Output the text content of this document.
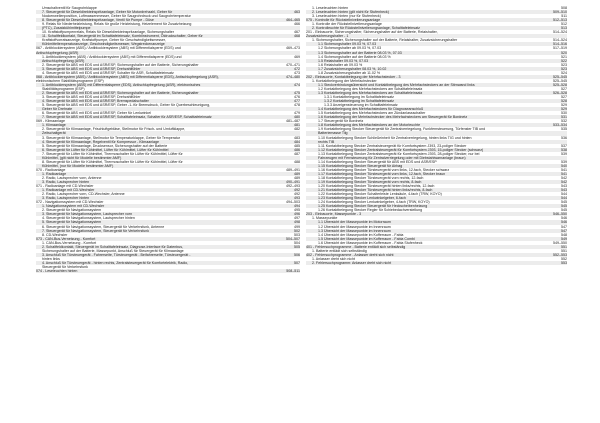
Umschaltventil für Saugrohrklappe
7. Steuergerät für Dieseldirekteinspritzanlage, Geber für Motordrehzahl, Geber für	463
Nockenwellenposition, Luftmassenmesser, Geber für Saugrohrdruck und Saugrohrtemperatur
8. Steuergerät für Dieseldirekteinspritzanlage, Ventil für Pumpe - Düse	464–465
9. Relais für Niederheizleistung, Relais für große Heizleistung, Heizelement für Zusatzheizung	466
(PTC), Zusatzkühlmittelpumpe
10. Kraftstoffpumpenrelais, Relais für Dieseldirekteinspritzanlage, Sicherungshalter	467
11. Schaltfeldkontakt, Steuergerät im Schalttafeleinsatz, Kombiinstrument, Öldruckschalter, Geber für	468
Kraftstoffvorratsanzeige, Kraftstoffpumpe, Geber für Geschwindigkeitsmesser,
Kühlmitteltemperaturanzeige, Geschwindigkeitsmesser, Wegstreckenanzeige
067 - Antiblockiersystem (ABS) / Antiblockiersystem (ABS) mit Differentialsperre (EDS) und	469–473
Antischlupfregelung (ASR)
1. Antiblockiersystem (ABS) / Antiblockiersystem (ABS) mit Differentialsperre (EDS) und	469
Antischlupfregelung (ASR)
2. Steuergerät für ABS mit EDS und ASR/ESP, Sicherungshalter auf der Batterie, Sicherungshalter	470–471
3. Steuergerät für ABS mit EDS und ASR/ESP, Drehzahlfühler	472
4. Steuergerät für ABS mit EDS und ASR/ESP, Schalter für ASR, Schalttafeleinsatz	473
068 - Antiblockiersystem (ABS) / Antiblockiersystem (ABS) mit Differentialsperre (EDS), Antischlupfregelung (ASR),	474–480
elektronischem Stabilitätsprogramm (ESP)
1. Antiblockiersystem (ABS) mit Differentialsperre (EDS), Antischlupfregelung (ASR), elektronisches	474
Stabilitätsprogramm (ESP)
2. Steuergerät für ABS mit EDS und ASR/ESP, Sicherungshalter auf der Batterie, Sicherungshalter	475
3. Steuergerät für ABS mit EDS und ASR/ESP, Drehzahlfühler	476
4. Steuergerät für ABS mit EDS und ASR/ESP, Bremspedalschalter	477
5. Steuergerät für ABS mit EDS und ASR/ESP, Geber -1- für Bremsdruck, Geber für Querbeschleunigung,	478
Geber für Drehrate
6. Steuergerät für ABS mit EDS und ASR/ESP, Geber für Lenkwinkel	479
7. Steuergerät für ABS mit EDS und ASR/ESP, Schalttafeleinsatz, Schalter für ASR/ESP, Schalttafeleinsatz	480
069 - Klimaanlage	481–487
1. Klimaanlage	481
2. Steuergerät für Klimaanlage, Frischluftgebläse, Stellmotor für Frisch- und Umluftklappe,	482
Zeitschaltgerät
3. Steuergerät für Klimaanlage, Stellmotor für Temperaturklappe, Geber für Temperatur	483
4. Steuergerät für Klimaanlage, Regelventil für Kompressor - Klimaanlage	484
5. Steuergerät für Klimaanlage, Drucksensor, Sicherungshalter auf der Batterie	485
6. Steuergerät für Lüfter für Kühlmittel, Lüfter für Kühlmittel, Lüfter für Kühlmittel	486
7. Steuergerät für Lüfter für Kühlmittel, Thermoschalter für Lüfter für Kühlmittel, Lüfter für	487
Kühlmittel, (gilt nicht für Modelle bestimmter AMF)
8. Steuergerät für Lüfter für Kühlmittel, Thermoschalter für Lüfter für Kühlmittel, Lüfter für	488
Kühlmittel, (nur für Modelle bestimmter AMF)
070 - Radioanlage	489–491
1. Radioanlage	489
2. Radio, Lautsprecher vorn, Antenne	489
3. Radio, Lautsprecher hinten	490–491
071 - Radioanlage mit CD-Wechsler	492–493
1. Radioanlage mit CD-Wechsler	492
2. Radio, Lautsprecher vorn, CD-Wechsler, Antenne	492
3. Radio, Lautsprecher hinten	493
072 - Navigationssystem mit CD-Wechsler	494–503
1. Navigationssystem mit CD-Wechsler	494
2. Steuergerät für Navigationssystem	495
3. Steuergerät für Navigationssystem, Lautsprecher vorn	496
4. Steuergerät für Navigationssystem, Lautsprecher hinten	497
5. Steuergerät für Navigationssystem	498
6. Steuergerät für Navigationssystem, Steuergerät für Verkehrsfunk, Antenne	499
7. Steuergerät für Navigationssystem, Steuergerät für Verkehrsfunk	502
8. CD-Wechsler	503
073 - CAN-Bus-Vernetzung - Komfort	504–507
1. CAN-Bus-Vernetzung - Komfort	504
2. Schaltfeldkontakt, Steuergerät im Schalttafeleinsatz, Diagnose-Interface für Datenbus,	505
Sicherungshalter auf der Batterie, Massepunkt, Anschluß für Steuergerät für Klimaanlage
3. Anschluß für Türsteuergerät - Fahrerseite, Türsteuergerät - Beifahrerseite, Türsteuergerät -	506
hinten links
4. Anschluß für Türsteuergerät - hinten rechts, Zentralsteuergerät für Komfortelektrik, Radio,	507
Steuergerät für Verkehrsfunk
074 - Leseleuchten hinten	508–511
1. Leseleuchten hinten	508
2. Leseleuchten hinten (gilt nicht für Stufenheck)	509–510
3. Leseleuchten hinten (nur für Stufenheck)	511
075 - Kontrolle für Rückstellnivelierungsanlage	512–513
1. Kontrolle der Rückstellnivelierungsanlage	512
2. Kontrolleuchte für Rückstellnivelierungsanlage, Schalttafeleinsatz	513
201 - Einbauorte, Sicherungshalter, Sicherungshalter auf der Batterie, Relaishalter,	514–524
Zusatzsicherungshalter - 1
1. Sicherungshalter, Sicherungshalter auf der Batterie, Relaishalter, Zusatzsicherungshalter	514–524
1.1 Sicherungshalter 09.03 %, 07.03	514–516
1.2 Sicherungshalter ab 09.03 %, 07.03	517–519
1.3 Sicherungshalter auf der Batterie 08.03 %, 07.03	520
1.4 Sicherungshalter auf der Batterie 08.03 %	521
1.5 Relaishalter 09.03 %, 07.03	522
1.6 Relaishalter ab 09.03 %	523
1.7 Zusatzsicherungshalter 08.03 %, 10.02	523
1.8 Zusatzsicherungshalter ab 11.02 %	524
202 - Einbauorte, Kontaktbelegung der Mehrfachstecker - 3	525–545
1. Kontaktbelegung der Mehrfachstecker	525–545
1.1 Steckverbindungsübersicht und Kontaktbelegung des Mehrfachsteckers an der Stirnwand links	525–528
1.2 Kontaktbelegung des Mehrfachsteckers am Schalttafeleinsatz	527
1.3 Kontaktbelegung des Mehrfachsteckers am Schalttafeleinsatz	526–528
1.3.1 Kontaktbelegung im Schalttafeleinsatz	527
1.3.2 Kontaktbelegung im Schalttafeleinsatz	528
1.3.3 Anzeigensteuerung im Schalttafeleinsatz	529
1.4 Kontaktbelegung des Mehrfachsteckers für Diagnoseanschluß	529
1.5 Kontaktbelegung des Mehrfachsteckers am Zündanlassschalter	530
1.6 Kontaktbelegung der Mehrfachstecker des Mehrfachsteckers am Steuergerät für Bordnetz	531
1.7 Steuergerät für Bordnetz	532
1.8 Kontaktbelegung des Mehrfachsteckers an der Motorleuchte	533–534
1.9 Kontaktbelegung Stecker Steuergerät für Zentralverriegelung, Funkfernsteuerung, Türfenster TIB und	535
Batteriemasse Tilg
1.10 Kontaktbelegung Stecker Schließeinheit für Zentralverriegelung, hinten links TIG und hinten	536
rechts TIB
1.11 Kontaktbelegung Stecker Zentralsteuergerät für Komfortsystem J393, 23-poliger Stecker	537
1.12 Kontaktbelegung Stecker Zentralsteuergerät für Komfortsystem J393, 15-poliger Stecker (schwarz)	538
1.13 Kontaktbelegung Stecker Zentralsteuergerät für Komfortsystem J393, 28-poliger Stecker, nur bei	539
Fahrzeugen mit Fernsteuerung für Zentralverriegelung oder mit Diebstahlwarnanlage (braun)
1.14 Kontaktbelegung Stecker Steuergerät für ABS mit EDS und ASR/ESP	539
1.15 Kontaktbelegung Stecker Steuergerät für Airbag	540
1.16 Kontaktbelegung Stecker Türsteuergerät vorn links, 12-fach, Stecker schwarz	541
1.17 Kontaktbelegung Stecker Türsteuergerät vorn links, 12-fach, Stecker braun	541
1.18 Kontaktbelegung Stecker Türsteuergerät vorn rechts, 12-fach	542
1.19 Kontaktbelegung Stecker Türsteuergerät vorn rechts, 8-fach	542
1.20 Kontaktbelegung Stecker Türsteuergerät hinten links/rechts, 12-fach	543
1.21 Kontaktbelegung Stecker Türsteuergerät hinten links/rechts, 8-fach	543
1.22 Kontaktbelegung Stecker Schalterleiste Lenksäule, 4-fach (TRW, KOYO)	544
1.23 Kontaktbelegung Stecker Lenkwinkelgeber, 6-fach	544
1.24 Kontaktbelegung Stecker Lenkwinkelgeber, 4-fach (TRW, KOYO)	545
1.25 Kontaktbelegung Stecker Steuergerät für Heckscheibenheizung	545
1.26 Kontaktbelegung Stecker Regler für Schiebedachverstellung	545
203 - Einbauorte, Massepunkte - 3	546–550
1. Massepunkte	546
1.1 Übersicht der Massepunkte im Motorraum	546
1.2 Übersicht der Massepunkte im Innenraum	547
1.3 Übersicht der Massepunkte im Innenraum	547
1.4 Übersicht der Massepunkte im Kofferraum - Fabia	548
1.5 Übersicht der Massepunkte im Kofferraum - Fabia Combi	549
1.6 Übersicht der Massepunkte im Kofferraum - Fabia Stufenheck	549–550
401 - Fehlersuchprogramme - Batterie entlädt sich selbständig	551
1. Batterie entlädt sich selbständig	551
402 - Fehlersuchprogramme - Anlasser dreht sich nicht	552–553
1. Anlasser dreht sich nicht	552
2. Fehlersuchprogramm: Anlasser dreht sich nicht	553
